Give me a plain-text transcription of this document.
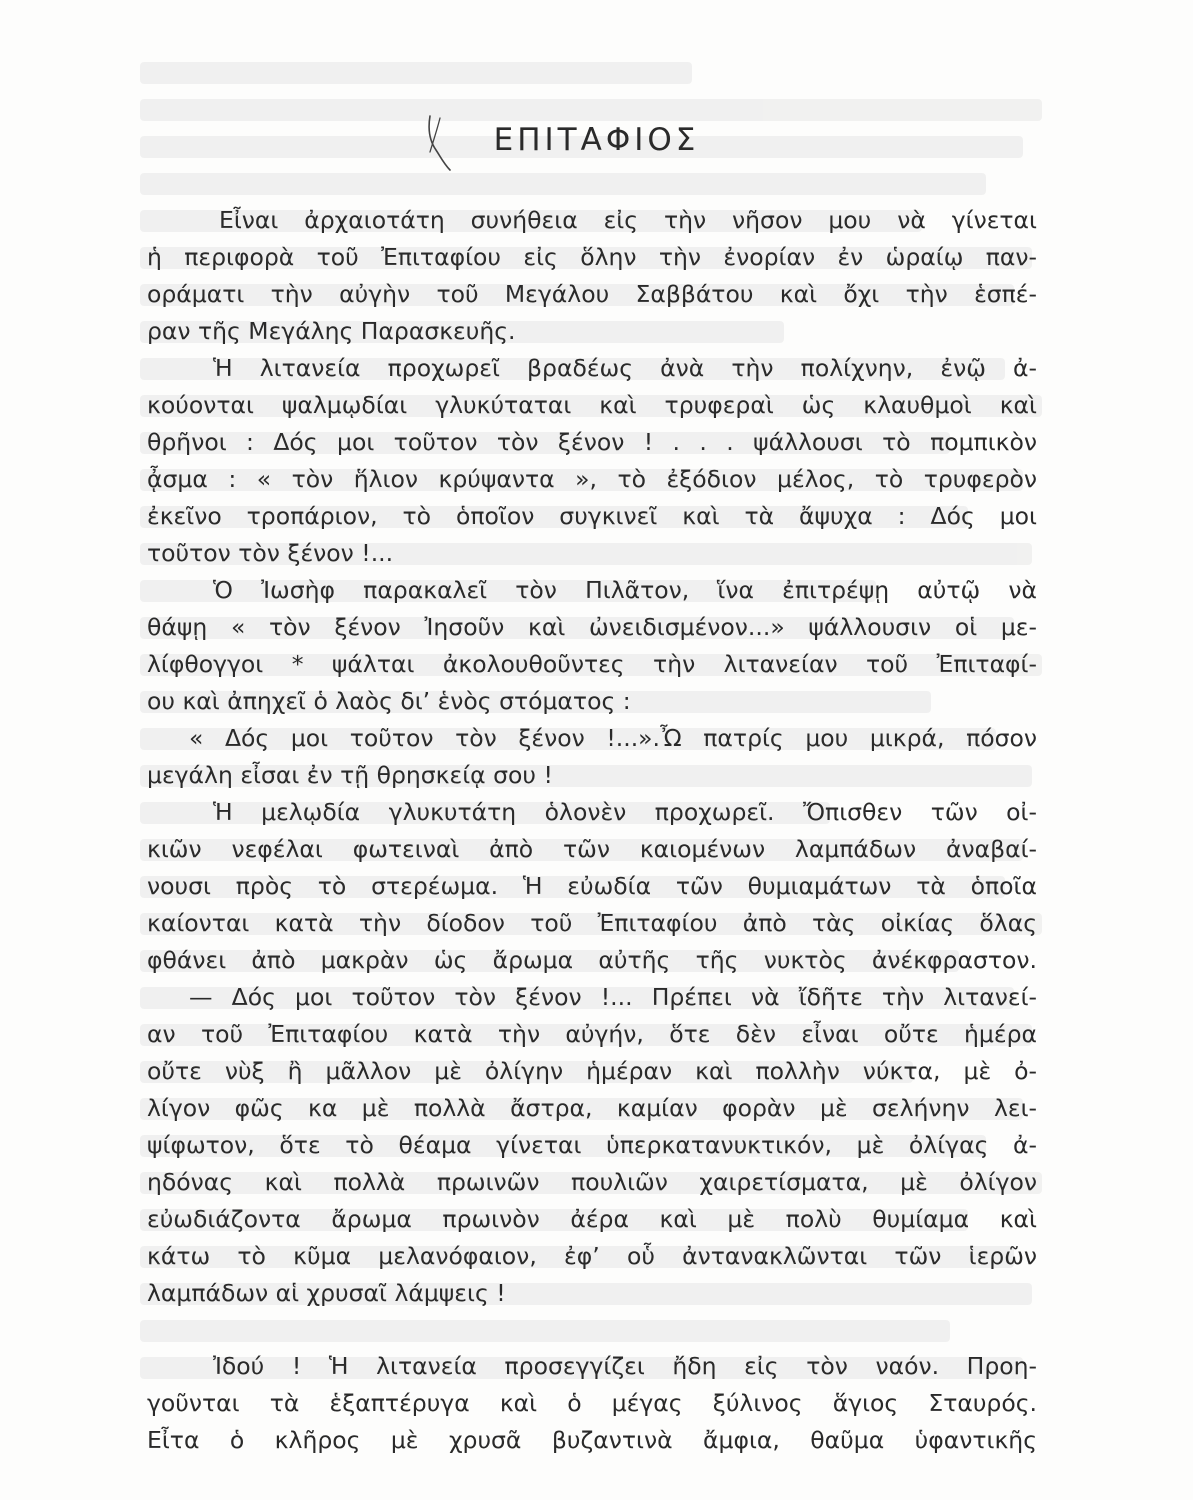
ΕΠΙΤΑΦΙΟΣ
Εἶναι ἀρχαιοτάτη συνήθεια εἰς τὴν νῆσον μου νὰ γίνεται
ἡ περιφορὰ τοῦ Ἐπιταφίου εἰς ὅλην τὴν ἐνορίαν ἐν ὡραίῳ παν-
οράματι τὴν αὐγὴν τοῦ Μεγάλου Σαββάτου καὶ ὄχι τὴν ἑσπέ-
ραν τῆς Μεγάλης Παρασκευῆς.
Ἡ λιτανεία προχωρεῖ βραδέως ἀνὰ τὴν πολίχνην, ἐνῷ ἀ-
κούονται ψαλμῳδίαι γλυκύταται καὶ τρυφεραὶ ὡς κλαυθμοὶ καὶ
θρῆνοι : Δός μοι τοῦτον τὸν ξένον ! . . . ψάλλουσι τὸ πομπικὸν
ᾆσμα : « τὸν ἥλιον κρύψαντα », τὸ ἐξόδιον μέλος, τὸ τρυφερὸν
ἐκεῖνο τροπάριον, τὸ ὁποῖον συγκινεῖ καὶ τὰ ἄψυχα : Δός μοι
τοῦτον τὸν ξένον !...
Ὁ Ἰωσὴφ παρακαλεῖ τὸν Πιλᾶτον, ἵνα ἐπιτρέψῃ αὐτῷ νὰ
θάψῃ « τὸν ξένον Ἰησοῦν καὶ ὠνειδισμένον...» ψάλλουσιν οἱ με-
λίφθογγοι * ψάλται ἀκολουθοῦντες τὴν λιτανείαν τοῦ Ἐπιταφί-
ου καὶ ἀπηχεῖ ὁ λαὸς δι’ ἑνὸς στόματος :
« Δός μοι τοῦτον τὸν ξένον !...».Ὦ πατρίς μου μικρά, πόσον
μεγάλη εἶσαι ἐν τῇ θρησκείᾳ σου !
Ἡ μελῳδία γλυκυτάτη ὁλονὲν προχωρεῖ. Ὄπισθεν τῶν οἰ-
κιῶν νεφέλαι φωτειναὶ ἀπὸ τῶν καιομένων λαμπάδων ἀναβαί-
νουσι πρὸς τὸ στερέωμα. Ἡ εὐωδία τῶν θυμιαμάτων τὰ ὁποῖα
καίονται κατὰ τὴν δίοδον τοῦ Ἐπιταφίου ἀπὸ τὰς οἰκίας ὅλας
φθάνει ἀπὸ μακρὰν ὡς ἄρωμα αὐτῆς τῆς νυκτὸς ἀνέκφραστον.
— Δός μοι τοῦτον τὸν ξένον !... Πρέπει νὰ ἴδῆτε τὴν λιτανεί-
αν τοῦ Ἐπιταφίου κατὰ τὴν αὐγήν, ὅτε δὲν εἶναι οὔτε ἡμέρα
οὔτε νὺξ ἢ μᾶλλον μὲ ὀλίγην ἡμέραν καὶ πολλὴν νύκτα, μὲ ὀ-
λίγον φῶς κα μὲ πολλὰ ἄστρα, καμίαν φορὰν μὲ σελήνην λει-
ψίφωτον, ὅτε τὸ θέαμα γίνεται ὑπερκατανυκτικόν, μὲ ὀλίγας ἀ-
ηδόνας καὶ πολλὰ πρωινῶν πουλιῶν χαιρετίσματα, μὲ ὀλίγον
εὐωδιάζοντα ἄρωμα πρωινὸν ἀέρα καὶ μὲ πολὺ θυμίαμα καὶ
κάτω τὸ κῦμα μελανόφαιον, ἐφ’ οὗ ἀντανακλῶνται τῶν ἱερῶν
λαμπάδων αἱ χρυσαῖ λάμψεις !
Ἰδού ! Ἡ λιτανεία προσεγγίζει ἤδη εἰς τὸν ναόν. Προη-
γοῦνται τὰ ἑξαπτέρυγα καὶ ὁ μέγας ξύλινος ἅγιος Σταυρός.
Εἶτα ὁ κλῆρος μὲ χρυσᾶ βυζαντινὰ ἄμφια, θαῦμα ὑφαντικῆς
